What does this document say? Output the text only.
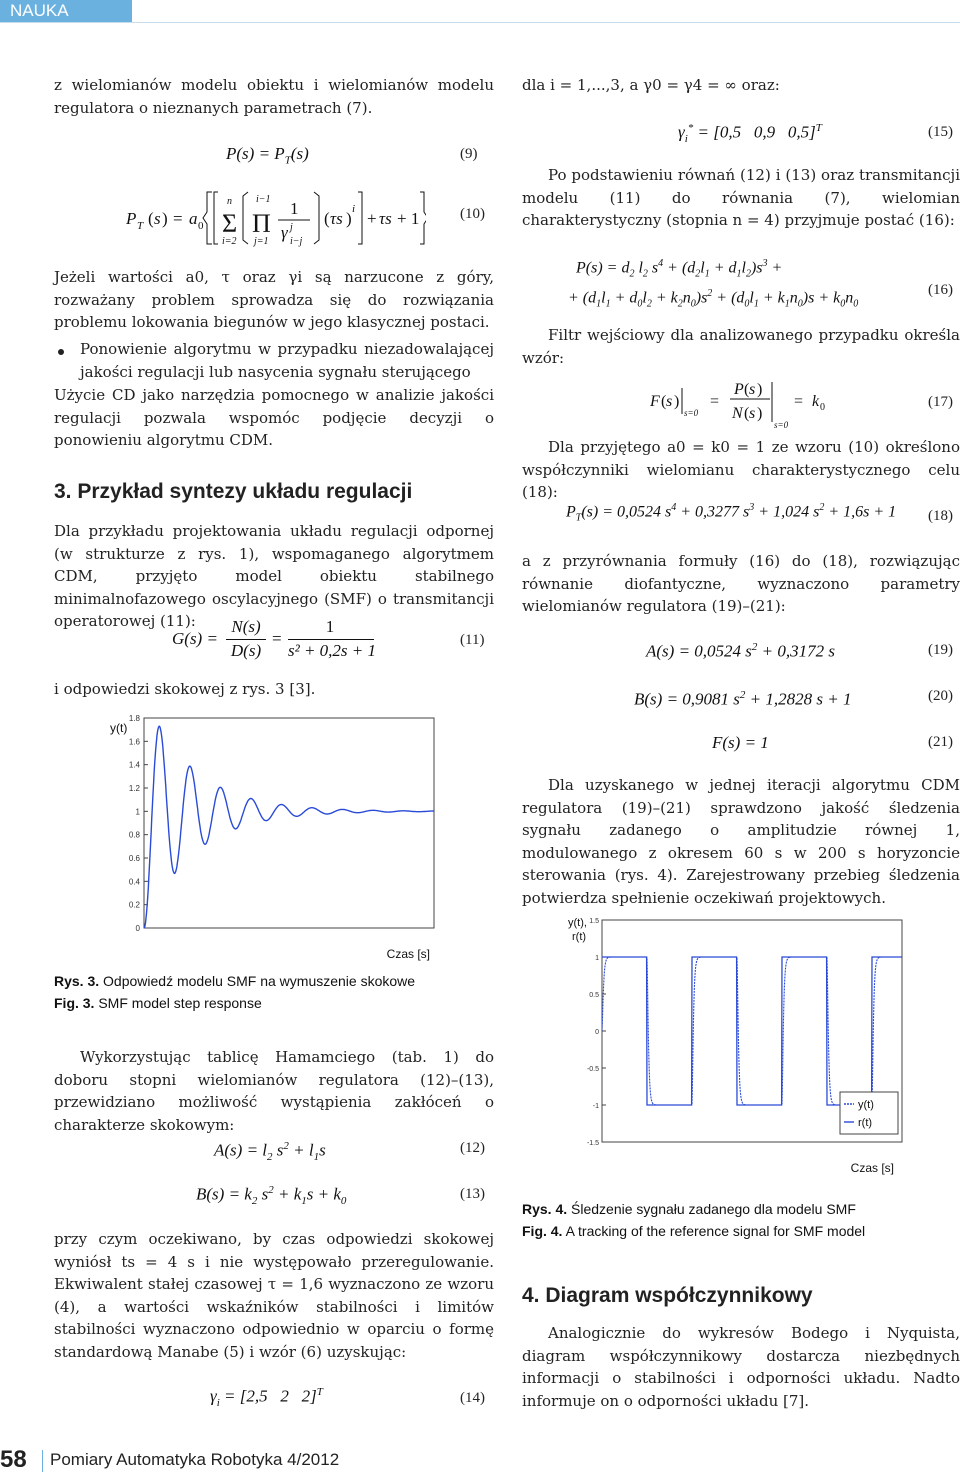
NAUKA

z wielomianów modelu obiektu i wielomianów modelu regulatora o nieznanych parametrach (7).

$P(s) = P_T(s)$	(9)
P T ( s ) = a 0 Σ
n
i=2
Π
i−1
j=1
1
γ j
i−j
( τs ) i + τs + 1	(10)

Jeżeli wartości a0, τ oraz γi są narzucone z góry, rozważany problem sprowadza się do rozwiązania problemu lokowania biegunów w jego klasycznej postaci.

Ponowienie algorytmu w przypadku niezadowalającej jakości regulacji lub nasycenia sygnału sterującego

Użycie CD jako narzędzia pomocnego w analizie jakości regulacji pozwala wspomóc podjęcie decyzji o ponowieniu algorytmu CDM.

3. Przykład syntezy układu regulacji

Dla przykładu projektowania układu regulacji odpornej (w strukturze z rys. 1), wspomaganego algorytmem CDM, przyjęto model obiektu stabilnego minimalnofazowego oscylacyjnego (SMF) o transmitancji operatorowej (11):

G(s) =
N(s)
D(s)
=
1
s² + 0,2s + 1
(11)

i odpowiedzi skokowej z rys. 3 [3].

0
0.2
0.4
0.6
0.8
1
1.2
1.4
1.6
1.8
y(t)
Czas [s]
Rys. 3. Odpowiedź modelu SMF na wymuszenie skokowe
Fig. 3. SMF model step response

Wykorzystując tablicę Hamamciego (tab. 1) do doboru stopni wielomianów regulatora (12)–(13), przewidziano możliwość wystąpienia zakłóceń o charakterze skokowym:

$A(s) = l_2$ $s^2 + l_1s$	(12)
$B(s) = k_2$ $s^2 + k_1s + k_0$	(13)

przy czym oczekiwano, by czas odpowiedzi skokowej wyniósł ts = 4 s i nie występowało przeregulowanie. Ekwiwalent stałej czasowej τ = 1,6 wyznaczono ze wzoru (4), a wartości wskaźników stabilności i limitów stabilności wyznaczono odpowiednio w oparciu o formę standardową Manabe (5) i wzór (6) uzyskując:

$\gamma_i = [2,5$   2   2]$^T$	(14)

dla i = 1,...,3, a γ0 = γ4 = ∞ oraz:

$\gamma_i^* = [0,5$   0,9   0,5]$^T$	(15)

Po podstawieniu równań (12) i (13) oraz transmitancji modelu (11) do równania (7), wielomian charakterystyczny (stopnia n = 4) przyjmuje postać (16):

$P(s) = d_2$ $l_2$ $s^4 + (d_2l_1 + d_1l_2)s^3$ +
+ $(d_1l_1 + d_0l_2 + k_2n_0)s^2 + (d_0l_1 + k_1n_0)s + k_0n_0$
(16)

Filtr wejściowy dla analizowanego przypadku określa wzór:

F ( s )
s=0
=
P ( s )
N ( s )
s=0
= k 0	(17)

Dla przyjętego a0 = k0 = 1 ze wzoru (10) określono współczynniki wielomianu charakterystycznego celu (18):

$P_T(s) = 0,0524$ $s^4 + 0,3277$ $s^3 + 1,024$ $s^2 + 1,6s + 1$ (18)

a z przyrównania formuły (16) do (18), rozwiązując równanie diofantyczne, wyznaczono parametry wielomianów regulatora (19)–(21):

A(s) = 0,0524 $s^2 + 0,3172$ s	(19)
B(s) = 0,9081 $s^2 + 1,2828$ s + 1	(20)
F(s) = 1	(21)

Dla uzyskanego w jednej iteracji algorytmu CDM regulatora (19)–(21) sprawdzono jakość śledzenia sygnału zadanego o amplitudzie równej 1, modulowanego z okresem 60 s w 200 s horyzoncie sterowania (rys. 4). Zarejestrowany przebieg śledzenia potwierdza spełnienie oczekiwań projektowych.

-1.5
-1
-0.5
0
0.5
1
1.5
y(t),
r(t)
Czas [s]
y(t)
r(t)
Rys. 4. Śledzenie sygnału zadanego dla modelu SMF
Fig. 4. A tracking of the reference signal for SMF model
4. Diagram współczynnikowy

Analogicznie do wykresów Bodego i Nyquista, diagram współczynnikowy dostarcza niezbędnych informacji o stabilności i odporności układu. Nadto informuje on o odporności układu [7].

58 Pomiary Automatyka Robotyka 4/2012
